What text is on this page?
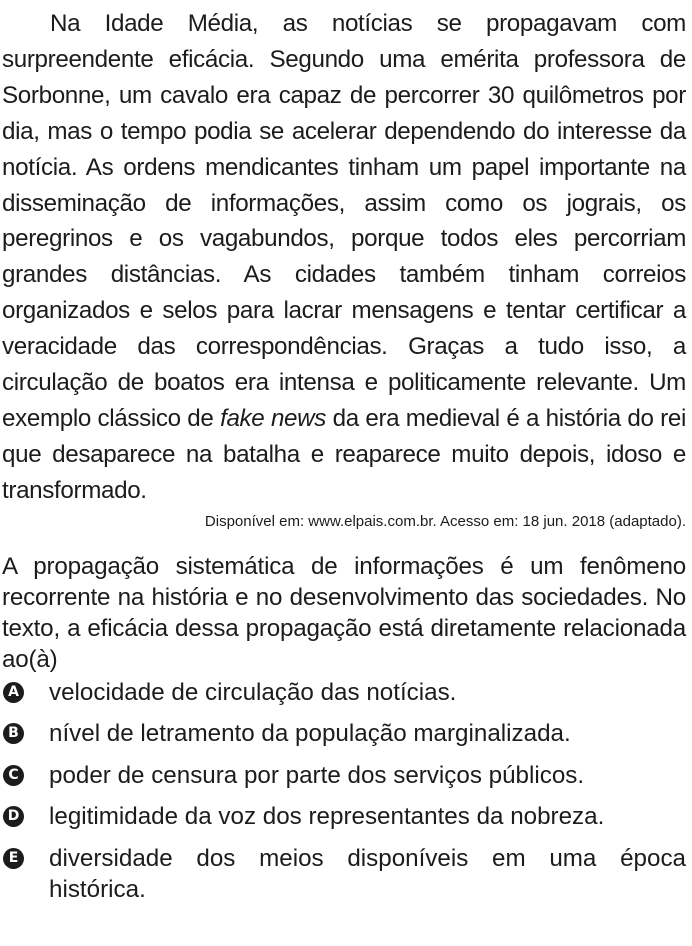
Na Idade Média, as notícias se propagavam com surpreendente eficácia. Segundo uma emérita professora de Sorbonne, um cavalo era capaz de percorrer 30 quilômetros por dia, mas o tempo podia se acelerar dependendo do interesse da notícia. As ordens mendicantes tinham um papel importante na disseminação de informações, assim como os jograis, os peregrinos e os vagabundos, porque todos eles percorriam grandes distâncias. As cidades também tinham correios organizados e selos para lacrar mensagens e tentar certificar a veracidade das correspondências. Graças a tudo isso, a circulação de boatos era intensa e politicamente relevante. Um exemplo clássico de fake news da era medieval é a história do rei que desaparece na batalha e reaparece muito depois, idoso e transformado.

Disponível em: www.elpais.com.br. Acesso em: 18 jun. 2018 (adaptado).

A propagação sistemática de informações é um fenômeno recorrente na história e no desenvolvimento das sociedades. No texto, a eficácia dessa propagação está diretamente relacionada ao(à)

A velocidade de circulação das notícias.
B nível de letramento da população marginalizada.
C poder de censura por parte dos serviços públicos.
D legitimidade da voz dos representantes da nobreza.
E diversidade dos meios disponíveis em uma época histórica.
